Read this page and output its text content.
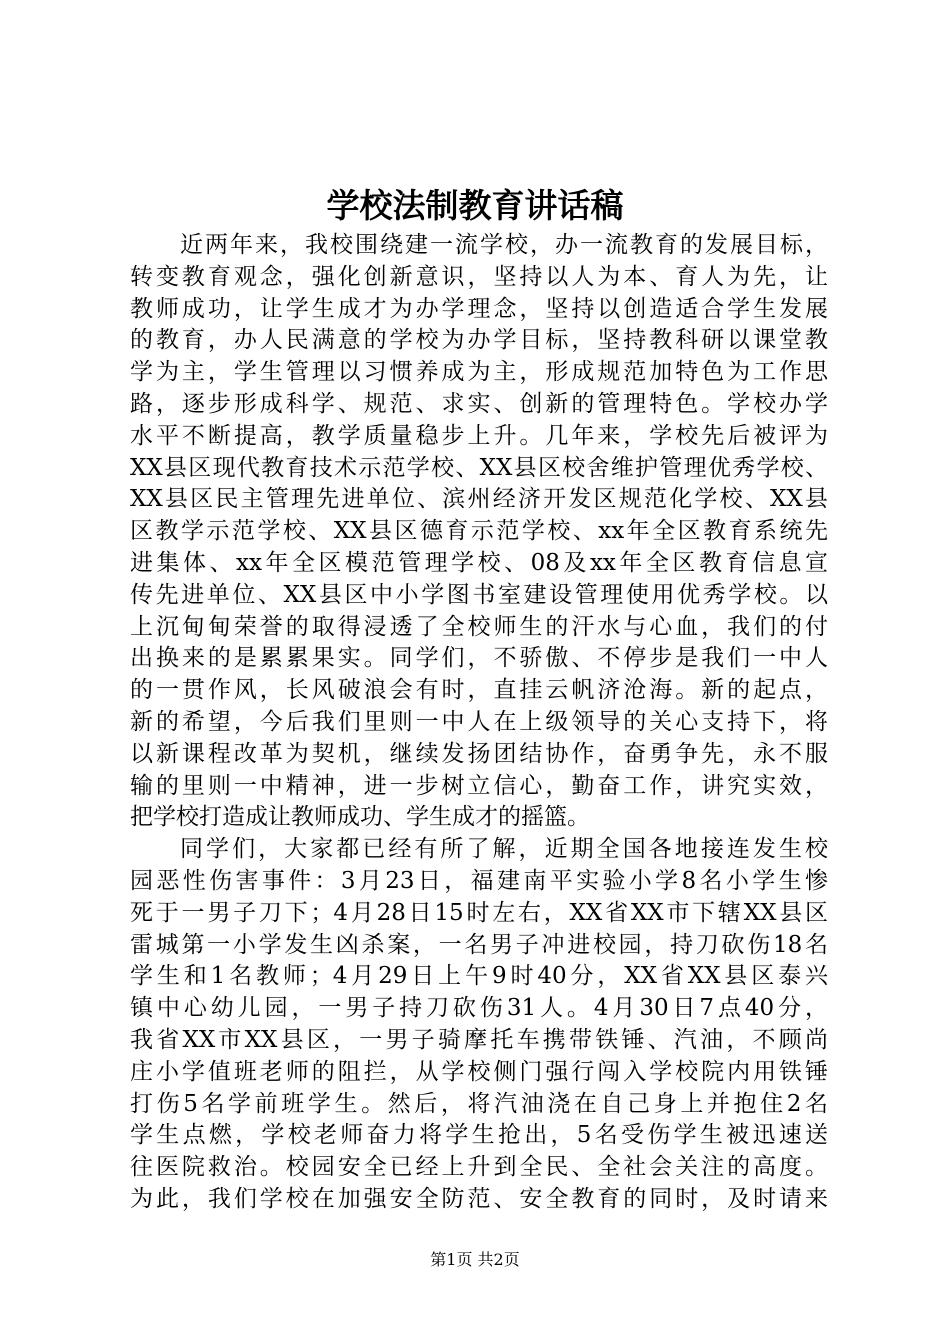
学校法制教育讲话稿
近两年来，我校围绕建一流学校，办一流教育的发展目标，
转变教育观念，强化创新意识，坚持以人为本、育人为先，让
教师成功，让学生成才为办学理念，坚持以创造适合学生发展
的教育，办人民满意的学校为办学目标，坚持教科研以课堂教
学为主，学生管理以习惯养成为主，形成规范加特色为工作思
路，逐步形成科学、规范、求实、创新的管理特色。学校办学
水平不断提高，教学质量稳步上升。几年来，学校先后被评为
XX县区现代教育技术示范学校、XX县区校舍维护管理优秀学校、
XX县区民主管理先进单位、滨州经济开发区规范化学校、XX县
区教学示范学校、XX县区德育示范学校、xx年全区教育系统先
进集体、xx年全区模范管理学校、08及xx年全区教育信息宣
传先进单位、XX县区中小学图书室建设管理使用优秀学校。以
上沉甸甸荣誉的取得浸透了全校师生的汗水与心血，我们的付
出换来的是累累果实。同学们，不骄傲、不停步是我们一中人
的一贯作风，长风破浪会有时，直挂云帆济沧海。新的起点，
新的希望，今后我们里则一中人在上级领导的关心支持下，将
以新课程改革为契机，继续发扬团结协作，奋勇争先，永不服
输的里则一中精神，进一步树立信心，勤奋工作，讲究实效，
把学校打造成让教师成功、学生成才的摇篮。
同学们，大家都已经有所了解，近期全国各地接连发生校
园恶性伤害事件：3月23日，福建南平实验小学8名小学生惨
死于一男子刀下；4月28日15时左右，XX省XX市下辖XX县区
雷城第一小学发生凶杀案，一名男子冲进校园，持刀砍伤18名
学生和1名教师；4月29日上午9时40分，XX省XX县区泰兴
镇中心幼儿园，一男子持刀砍伤31人。4月30日7点40分，
我省XX市XX县区，一男子骑摩托车携带铁锤、汽油，不顾尚
庄小学值班老师的阻拦，从学校侧门强行闯入学校院内用铁锤
打伤5名学前班学生。然后，将汽油浇在自己身上并抱住2名
学生点燃，学校老师奋力将学生抢出，5名受伤学生被迅速送
往医院救治。校园安全已经上升到全民、全社会关注的高度。
为此，我们学校在加强安全防范、安全教育的同时，及时请来
第1页 共2页
